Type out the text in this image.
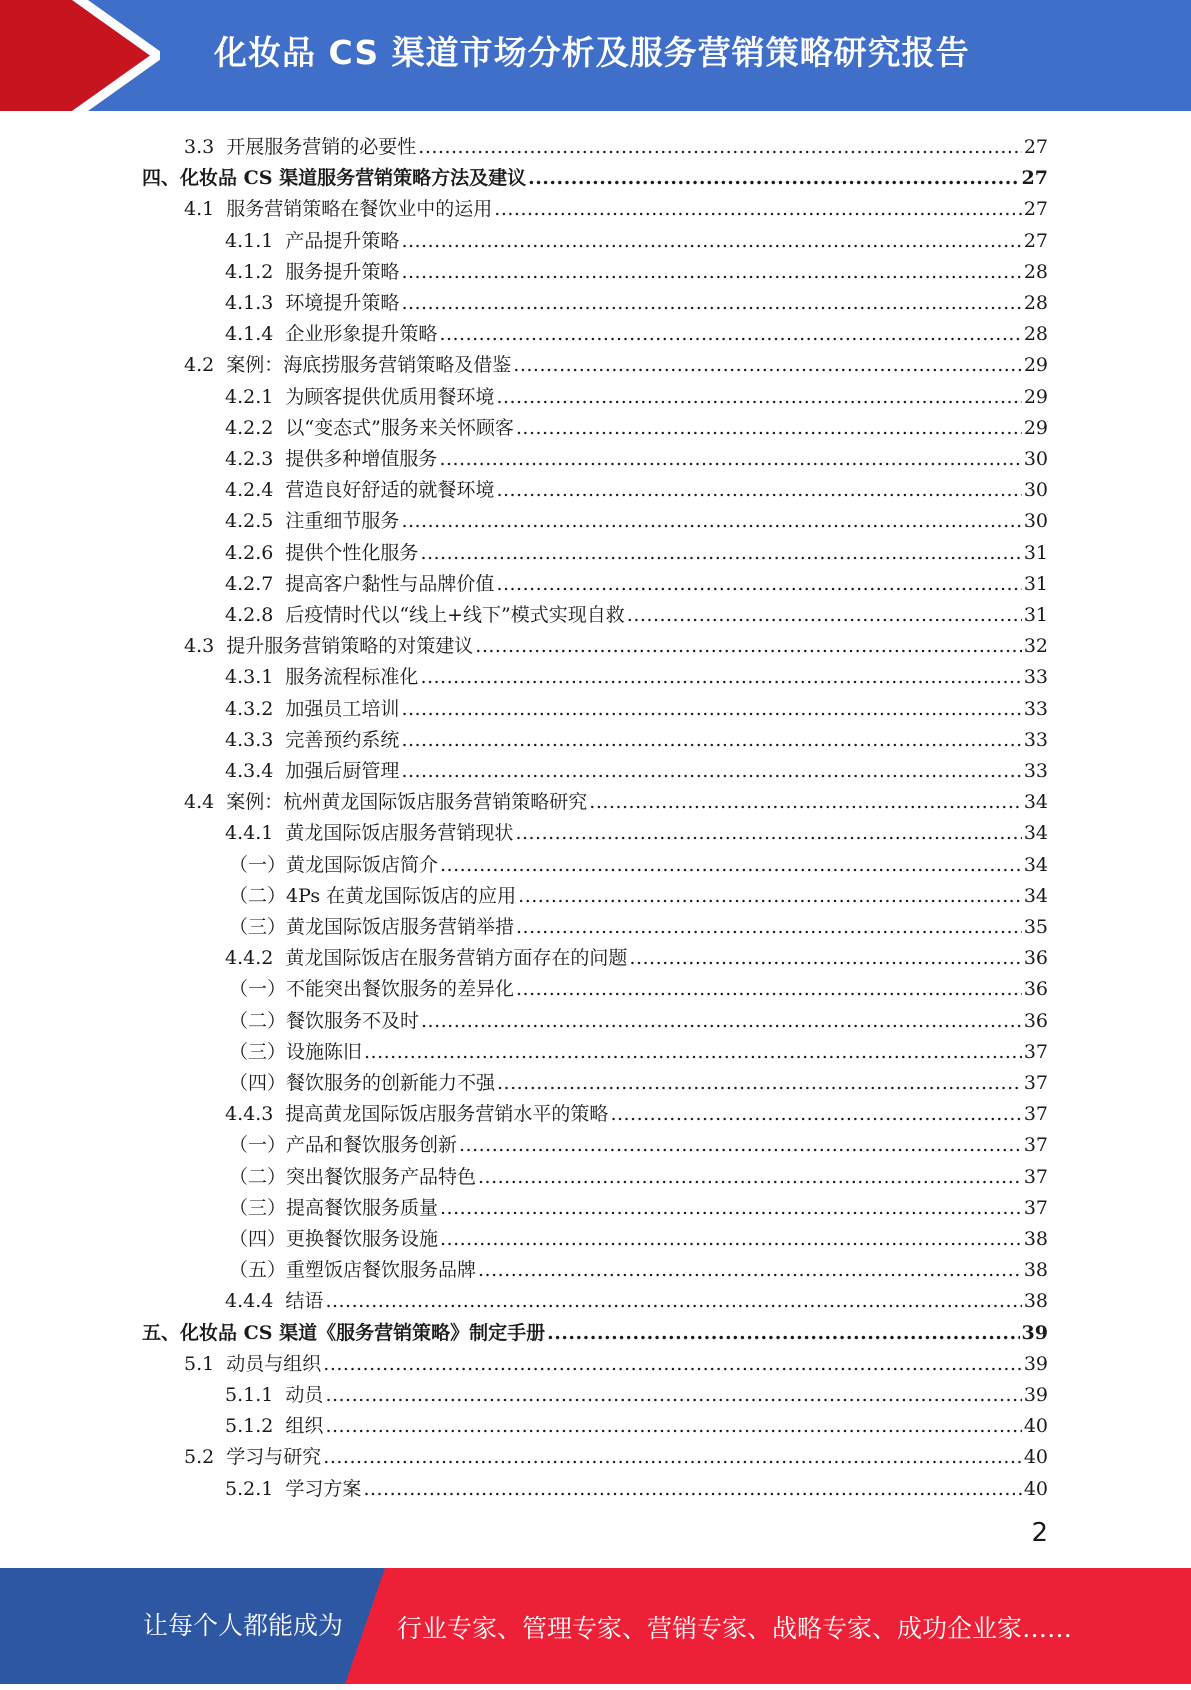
化妆品 CS 渠道市场分析及服务营销策略研究报告
3.3  开展服务营销的必要性 .....	27
四、化妆品 CS 渠道服务营销策略方法及建议 .....	27
4.1  服务营销策略在餐饮业中的运用 .....	27
4.1.1  产品提升策略 .....	27
4.1.2  服务提升策略 .....	28
4.1.3  环境提升策略 .....	28
4.1.4  企业形象提升策略 .....	28
4.2  案例：海底捞服务营销策略及借鉴 .....	29
4.2.1  为顾客提供优质用餐环境 .....	29
4.2.2  以“变态式”服务来关怀顾客 .....	29
4.2.3  提供多种增值服务 .....	30
4.2.4  营造良好舒适的就餐环境 .....	30
4.2.5  注重细节服务 .....	30
4.2.6  提供个性化服务 .....	31
4.2.7  提高客户黏性与品牌价值 .....	31
4.2.8  后疫情时代以“线上+线下”模式实现自救 .....	31
4.3  提升服务营销策略的对策建议 .....	32
4.3.1  服务流程标准化 .....	33
4.3.2  加强员工培训 .....	33
4.3.3  完善预约系统 .....	33
4.3.4  加强后厨管理 .....	33
4.4  案例：杭州黄龙国际饭店服务营销策略研究 .....	34
4.4.1  黄龙国际饭店服务营销现状 .....	34
（一）黄龙国际饭店简介 .....	34
（二）4Ps 在黄龙国际饭店的应用 .....	34
（三）黄龙国际饭店服务营销举措 .....	35
4.4.2  黄龙国际饭店在服务营销方面存在的问题 .....	36
（一）不能突出餐饮服务的差异化 .....	36
（二）餐饮服务不及时 .....	36
（三）设施陈旧 .....	37
（四）餐饮服务的创新能力不强 .....	37
4.4.3  提高黄龙国际饭店服务营销水平的策略 .....	37
（一）产品和餐饮服务创新 .....	37
（二）突出餐饮服务产品特色 .....	37
（三）提高餐饮服务质量 .....	37
（四）更换餐饮服务设施 .....	38
（五）重塑饭店餐饮服务品牌 .....	38
4.4.4  结语 .....	38
五、化妆品 CS 渠道《服务营销策略》制定手册 .....	39
5.1  动员与组织 .....	39
5.1.1  动员 .....	39
5.1.2  组织 .....	40
5.2  学习与研究 .....	40
5.2.1  学习方案 .....	40
2
让每个人都能成为 行业专家、管理专家、营销专家、战略专家、成功企业家……
